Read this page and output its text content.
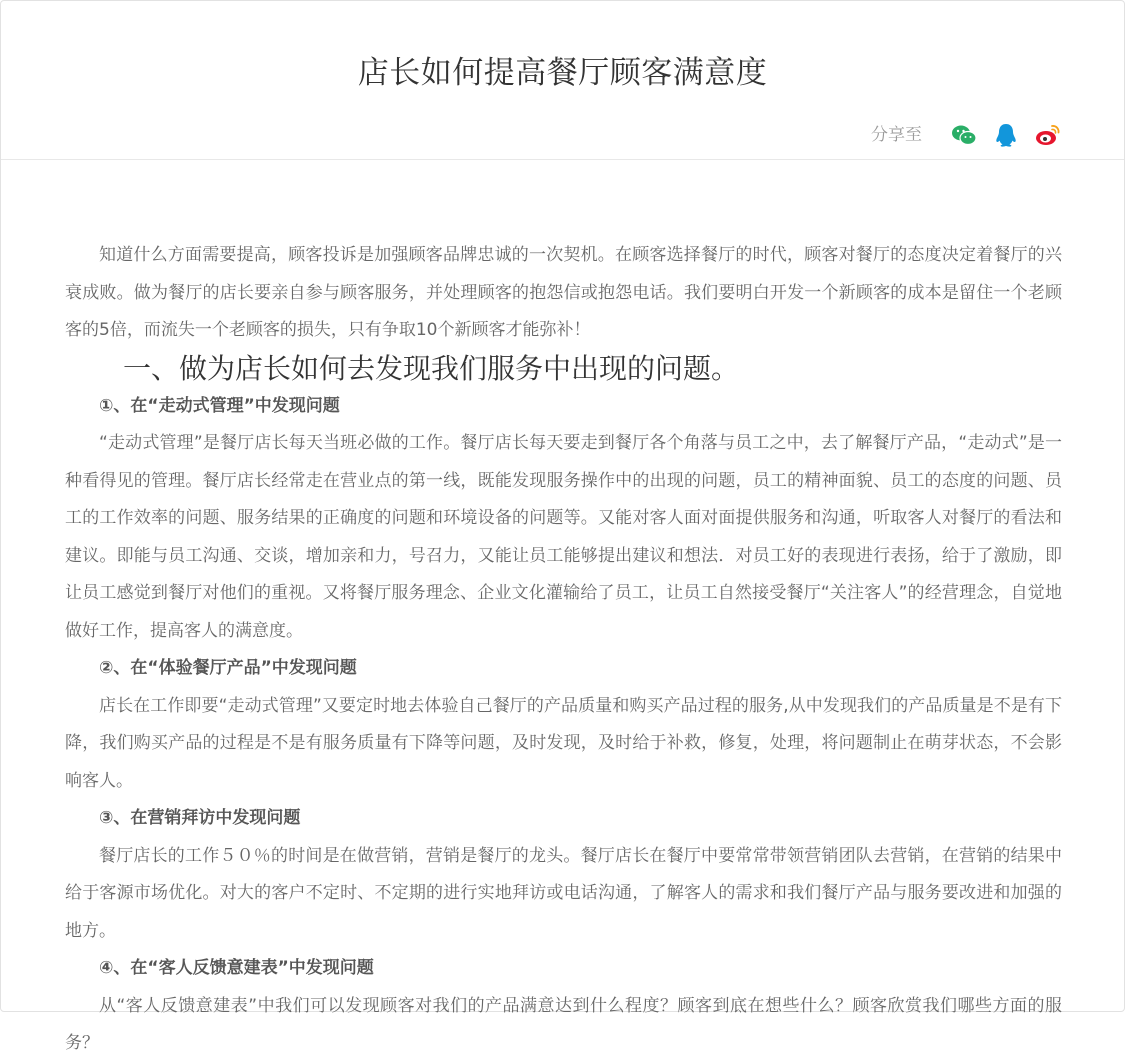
店长如何提高餐厅顾客满意度
分享至

知道什么方面需要提高，顾客投诉是加强顾客品牌忠诚的一次契机。在顾客选择餐厅的时代，顾客对餐厅的态度决定着餐厅的兴衰成败。做为餐厅的店长要亲自参与顾客服务，并处理顾客的抱怨信或抱怨电话。我们要明白开发一个新顾客的成本是留住一个老顾客的5倍，而流失一个老顾客的损失，只有争取10个新顾客才能弥补！

一、做为店长如何去发现我们服务中出现的问题。

①、在“走动式管理”中发现问题

“走动式管理”是餐厅店长每天当班必做的工作。餐厅店长每天要走到餐厅各个角落与员工之中，去了解餐厅产品，“走动式”是一种看得见的管理。餐厅店长经常走在营业点的第一线，既能发现服务操作中的出现的问题，员工的精神面貌、员工的态度的问题、员工的工作效率的问题、服务结果的正确度的问题和环境设备的问题等。又能对客人面对面提供服务和沟通，听取客人对餐厅的看法和建议。即能与员工沟通、交谈，增加亲和力，号召力，又能让员工能够提出建议和想法．对员工好的表现进行表扬，给于了激励，即让员工感觉到餐厅对他们的重视。又将餐厅服务理念、企业文化灌输给了员工，让员工自然接受餐厅“关注客人”的经营理念，自觉地做好工作，提高客人的满意度。

②、在“体验餐厅产品”中发现问题

店长在工作即要“走动式管理”又要定时地去体验自己餐厅的产品质量和购买产品过程的服务,从中发现我们的产品质量是不是有下降，我们购买产品的过程是不是有服务质量有下降等问题，及时发现，及时给于补救，修复，处理，将问题制止在萌芽状态，不会影响客人。

③、在营销拜访中发现问题

餐厅店长的工作５０％的时间是在做营销，营销是餐厅的龙头。餐厅店长在餐厅中要常常带领营销团队去营销，在营销的结果中给于客源市场优化。对大的客户不定时、不定期的进行实地拜访或电话沟通，了解客人的需求和我们餐厅产品与服务要改进和加强的地方。

④、在“客人反馈意建表”中发现问题

从“客人反馈意建表”中我们可以发现顾客对我们的产品满意达到什么程度？顾客到底在想些什么？顾客欣赏我们哪些方面的服务？
